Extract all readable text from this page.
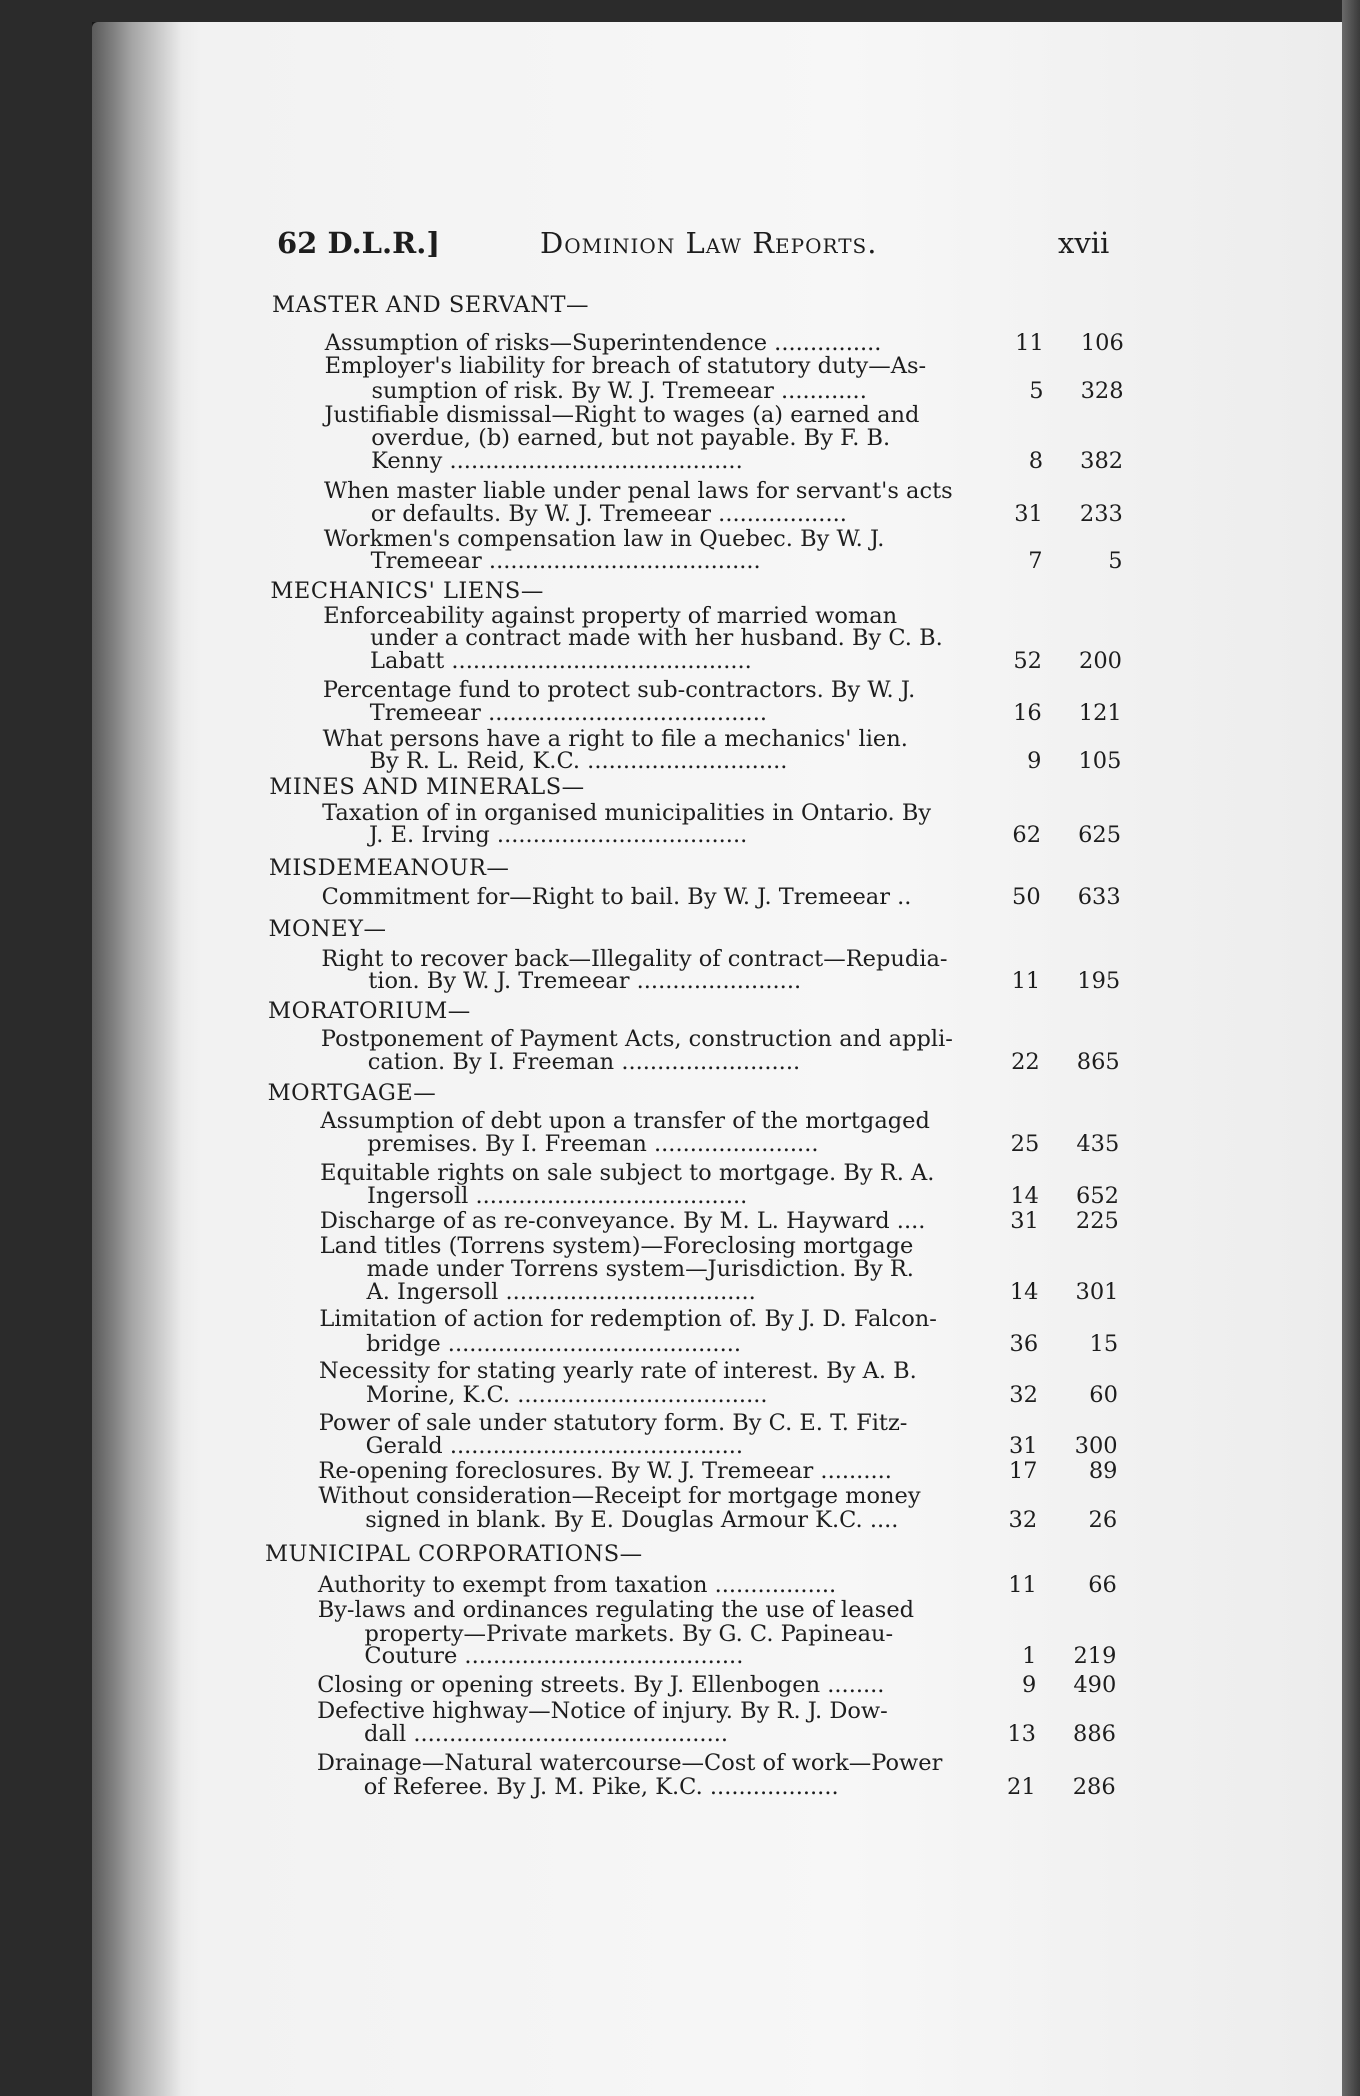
62 D.L.R.]	Dominion Law Reports.	xvii
MASTER AND SERVANT—
Assumption of risks—Superintendence ...............	11	106
Employer's liability for breach of statutory duty—As-
sumption of risk. By W. J. Tremeear ............	5	328
Justifiable dismissal—Right to wages (a) earned and
overdue, (b) earned, but not payable. By F. B.
Kenny .........................................	8	382
When master liable under penal laws for servant's acts
or defaults. By W. J. Tremeear ..................	31	233
Workmen's compensation law in Quebec. By W. J.
Tremeear ......................................	7	5
MECHANICS' LIENS—
Enforceability against property of married woman
under a contract made with her husband. By C. B.
Labatt ..........................................	52	200
Percentage fund to protect sub-contractors. By W. J.
Tremeear .......................................	16	121
What persons have a right to file a mechanics' lien.
By R. L. Reid, K.C. ............................	9	105
MINES AND MINERALS—
Taxation of in organised municipalities in Ontario. By
J. E. Irving ...................................	62	625
MISDEMEANOUR—
Commitment for—Right to bail. By W. J. Tremeear ..	50	633
MONEY—
Right to recover back—Illegality of contract—Repudia-
tion. By W. J. Tremeear .......................	11	195
MORATORIUM—
Postponement of Payment Acts, construction and appli-
cation. By I. Freeman .........................	22	865
MORTGAGE—
Assumption of debt upon a transfer of the mortgaged
premises. By I. Freeman .......................	25	435
Equitable rights on sale subject to mortgage. By R. A.
Ingersoll ......................................	14	652
Discharge of as re-conveyance. By M. L. Hayward ....	31	225
Land titles (Torrens system)—Foreclosing mortgage
made under Torrens system—Jurisdiction. By R.
A. Ingersoll ...................................	14	301
Limitation of action for redemption of. By J. D. Falcon-
bridge .........................................	36	15
Necessity for stating yearly rate of interest. By A. B.
Morine, K.C. ...................................	32	60
Power of sale under statutory form. By C. E. T. Fitz-
Gerald .........................................	31	300
Re-opening foreclosures. By W. J. Tremeear ..........	17	89
Without consideration—Receipt for mortgage money
signed in blank. By E. Douglas Armour K.C. ....	32	26
MUNICIPAL CORPORATIONS—
Authority to exempt from taxation .................	11	66
By-laws and ordinances regulating the use of leased
property—Private markets. By G. C. Papineau-
Couture .......................................	1	219
Closing or opening streets. By J. Ellenbogen ........	9	490
Defective highway—Notice of injury. By R. J. Dow-
dall ............................................	13	886
Drainage—Natural watercourse—Cost of work—Power
of Referee. By J. M. Pike, K.C. ..................	21	286
